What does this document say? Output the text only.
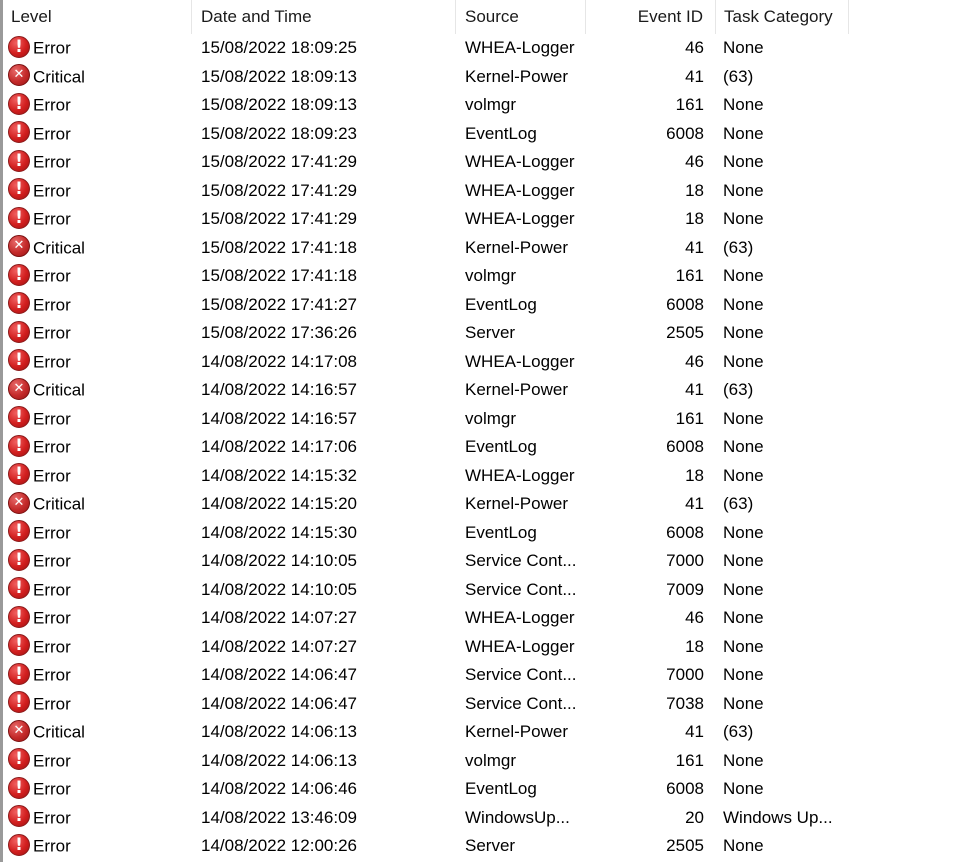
Level	Date and Time	Source	Event ID	Task Category
!Error	15/08/2022 18:09:25	WHEA-Logger	46 None
✕Critical	15/08/2022 18:09:13	Kernel-Power	41 (63)
!Error	15/08/2022 18:09:13	volmgr	161 None
!Error	15/08/2022 18:09:23	EventLog	6008 None
!Error	15/08/2022 17:41:29	WHEA-Logger	46 None
!Error	15/08/2022 17:41:29	WHEA-Logger	18 None
!Error	15/08/2022 17:41:29	WHEA-Logger	18 None
✕Critical	15/08/2022 17:41:18	Kernel-Power	41 (63)
!Error	15/08/2022 17:41:18	volmgr	161 None
!Error	15/08/2022 17:41:27	EventLog	6008 None
!Error	15/08/2022 17:36:26	Server	2505 None
!Error	14/08/2022 14:17:08	WHEA-Logger	46 None
✕Critical	14/08/2022 14:16:57	Kernel-Power	41 (63)
!Error	14/08/2022 14:16:57	volmgr	161 None
!Error	14/08/2022 14:17:06	EventLog	6008 None
!Error	14/08/2022 14:15:32	WHEA-Logger	18 None
✕Critical	14/08/2022 14:15:20	Kernel-Power	41 (63)
!Error	14/08/2022 14:15:30	EventLog	6008 None
!Error	14/08/2022 14:10:05	Service Cont...	7000 None
!Error	14/08/2022 14:10:05	Service Cont...	7009 None
!Error	14/08/2022 14:07:27	WHEA-Logger	46 None
!Error	14/08/2022 14:07:27	WHEA-Logger	18 None
!Error	14/08/2022 14:06:47	Service Cont...	7000 None
!Error	14/08/2022 14:06:47	Service Cont...	7038 None
✕Critical	14/08/2022 14:06:13	Kernel-Power	41 (63)
!Error	14/08/2022 14:06:13	volmgr	161 None
!Error	14/08/2022 14:06:46	EventLog	6008 None
!Error	14/08/2022 13:46:09	WindowsUp...	20 Windows Up...
!Error	14/08/2022 12:00:26	Server	2505 None
